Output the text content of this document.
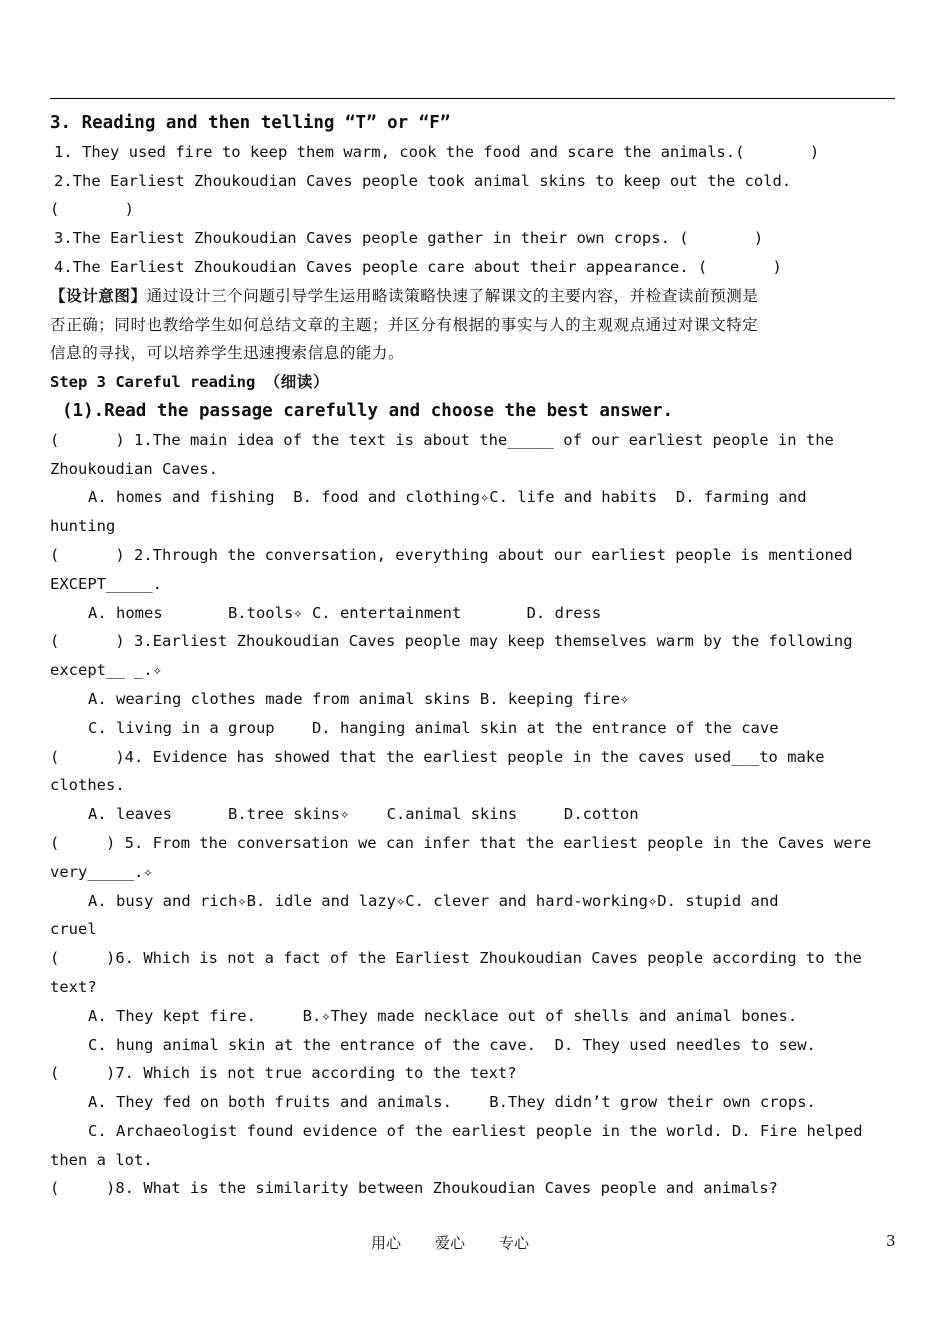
3. Reading and then telling “T” or “F”
1. They used fire to keep them warm, cook the food and scare the animals.(       )
2.The Earliest Zhoukoudian Caves people took animal skins to keep out the cold.
(       )
3.The Earliest Zhoukoudian Caves people gather in their own crops. (       )
4.The Earliest Zhoukoudian Caves people care about their appearance. (       )
【设计意图】通过设计三个问题引导学生运用略读策略快速了解课文的主要内容，并检查读前预测是
否正确；同时也教给学生如何总结文章的主题；并区分有根据的事实与人的主观观点通过对课文特定
信息的寻找，可以培养学生迅速搜索信息的能力。
Step 3 Careful reading （细读）
(1).Read the passage carefully and choose the best answer.
(      ) 1.The main idea of the text is about the_____ of our earliest people in the
Zhoukoudian Caves.
A. homes and fishing  B. food and clothing✧C. life and habits  D. farming and
hunting
(      ) 2.Through the conversation, everything about our earliest people is mentioned
EXCEPT_____.
A. homes       B.tools✧ C. entertainment       D. dress
(      ) 3.Earliest Zhoukoudian Caves people may keep themselves warm by the following
except__ _.✧
A. wearing clothes made from animal skins B. keeping fire✧
C. living in a group    D. hanging animal skin at the entrance of the cave
(      )4. Evidence has showed that the earliest people in the caves used___to make
clothes.
A. leaves      B.tree skins✧    C.animal skins     D.cotton
(     ) 5. From the conversation we can infer that the earliest people in the Caves were
very_____.✧
A. busy and rich✧B. idle and lazy✧C. clever and hard-working✧D. stupid and
cruel
(     )6. Which is not a fact of the Earliest Zhoukoudian Caves people according to the
text?
A. They kept fire.     B.✧They made necklace out of shells and animal bones.
C. hung animal skin at the entrance of the cave.  D. They used needles to sew.
(     )7. Which is not true according to the text?
A. They fed on both fruits and animals.    B.They didn’t grow their own crops.
C. Archaeologist found evidence of the earliest people in the world. D. Fire helped
then a lot.
(     )8. What is the similarity between Zhoukoudian Caves people and animals?
用心 爱心 专心	3
